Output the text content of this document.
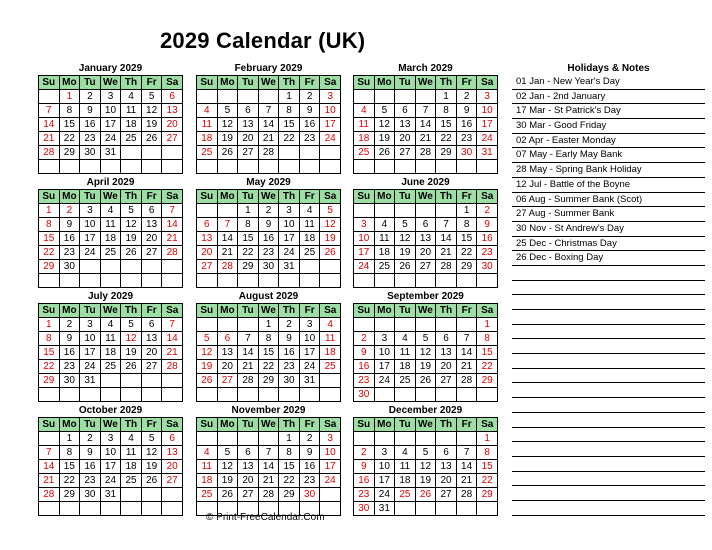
2029 Calendar (UK)
January 2029
Su	Mo	Tu	We	Th	Fr	Sa
	1	2	3	4	5	6
7	8	9	10	11	12	13
14	15	16	17	18	19	20
21	22	23	24	25	26	27
28	29	30	31			

February 2029
Su	Mo	Tu	We	Th	Fr	Sa
				1	2	3
4	5	6	7	8	9	10
11	12	13	14	15	16	17
18	19	20	21	22	23	24
25	26	27	28			

March 2029
Su	Mo	Tu	We	Th	Fr	Sa
				1	2	3
4	5	6	7	8	9	10
11	12	13	14	15	16	17
18	19	20	21	22	23	24
25	26	27	28	29	30	31

April 2029
Su	Mo	Tu	We	Th	Fr	Sa
1	2	3	4	5	6	7
8	9	10	11	12	13	14
15	16	17	18	19	20	21
22	23	24	25	26	27	28
29	30					

May 2029
Su	Mo	Tu	We	Th	Fr	Sa
		1	2	3	4	5
6	7	8	9	10	11	12
13	14	15	16	17	18	19
20	21	22	23	24	25	26
27	28	29	30	31		

June 2029
Su	Mo	Tu	We	Th	Fr	Sa
					1	2
3	4	5	6	7	8	9
10	11	12	13	14	15	16
17	18	19	20	21	22	23
24	25	26	27	28	29	30

July 2029
Su	Mo	Tu	We	Th	Fr	Sa
1	2	3	4	5	6	7
8	9	10	11	12	13	14
15	16	17	18	19	20	21
22	23	24	25	26	27	28
29	30	31				

August 2029
Su	Mo	Tu	We	Th	Fr	Sa
			1	2	3	4
5	6	7	8	9	10	11
12	13	14	15	16	17	18
19	20	21	22	23	24	25
26	27	28	29	30	31	

September 2029
Su	Mo	Tu	We	Th	Fr	Sa
						1
2	3	4	5	6	7	8
9	10	11	12	13	14	15
16	17	18	19	20	21	22
23	24	25	26	27	28	29
30						
October 2029
Su	Mo	Tu	We	Th	Fr	Sa
	1	2	3	4	5	6
7	8	9	10	11	12	13
14	15	16	17	18	19	20
21	22	23	24	25	26	27
28	29	30	31			

November 2029
Su	Mo	Tu	We	Th	Fr	Sa
				1	2	3
4	5	6	7	8	9	10
11	12	13	14	15	16	17
18	19	20	21	22	23	24
25	26	27	28	29	30	

December 2029
Su	Mo	Tu	We	Th	Fr	Sa
						1
2	3	4	5	6	7	8
9	10	11	12	13	14	15
16	17	18	19	20	21	22
23	24	25	26	27	28	29
30	31					
Holidays & Notes
01 Jan - New Year's Day
02 Jan - 2nd January
17 Mar - St Patrick's Day
30 Mar - Good Friday
02 Apr - Easter Monday
07 May - Early May Bank
28 May - Spring Bank Holiday
12 Jul - Battle of the Boyne
06 Aug - Summer Bank (Scot)
27 Aug - Summer Bank
30 Nov - St Andrew's Day
25 Dec - Christmas Day
26 Dec - Boxing Day
© Print-FreeCalendar.Com
